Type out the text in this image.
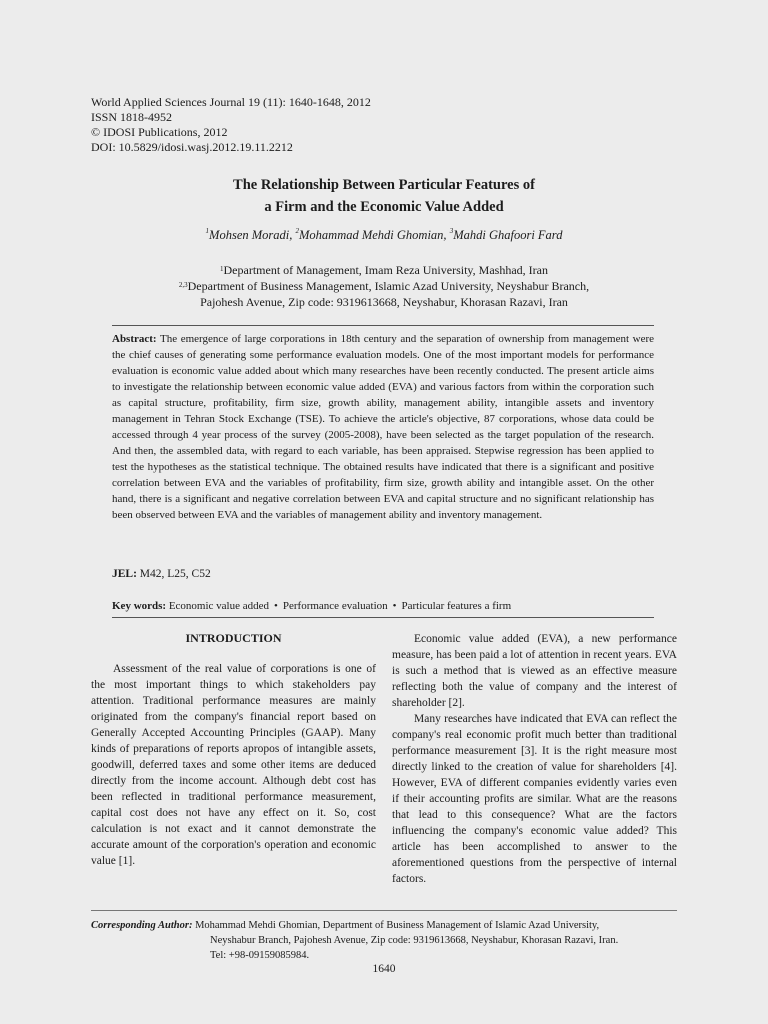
World Applied Sciences Journal 19 (11): 1640-1648, 2012
ISSN 1818-4952
© IDOSI Publications, 2012
DOI: 10.5829/idosi.wasj.2012.19.11.2212
The Relationship Between Particular Features of
a Firm and the Economic Value Added
$^1$Mohsen Moradi, $^2$Mohammad Mehdi Ghomian, $^3$Mahdi Ghafoori Fard
$^1$Department of Management, Imam Reza University, Mashhad, Iran
$^{2,3}$Department of Business Management, Islamic Azad University, Neyshabur Branch,
Pajohesh Avenue, Zip code: 9319613668, Neyshabur, Khorasan Razavi, Iran
Abstract: The emergence of large corporations in 18th century and the separation of ownership from management were the chief causes of generating some performance evaluation models. One of the most important models for performance evaluation is economic value added about which many researches have been recently conducted. The present article aims to investigate the relationship between economic value added (EVA) and various factors from within the corporation such as capital structure, profitability, firm size, growth ability, management ability, intangible assets and inventory management in Tehran Stock Exchange (TSE). To achieve the article's objective, 87 corporations, whose data could be accessed through 4 year process of the survey (2005-2008), have been selected as the target population of the research. And then, the assembled data, with regard to each variable, has been appraised. Stepwise regression has been applied to test the hypotheses as the statistical technique. The obtained results have indicated that there is a significant and positive correlation between EVA and the variables of profitability, firm size, growth ability and intangible asset. On the other hand, there is a significant and negative correlation between EVA and capital structure and no significant relationship has been observed between EVA and the variables of management ability and inventory management.
JEL: M42, L25, C52
Key words: Economic value added • Performance evaluation • Particular features a firm
INTRODUCTION

Assessment of the real value of corporations is one of the most important things to which stakeholders pay attention. Traditional performance measures are mainly originated from the company's financial report based on Generally Accepted Accounting Principles (GAAP). Many kinds of preparations of reports apropos of intangible assets, goodwill, deferred taxes and some other items are deduced directly from the income account. Although debt cost has been reflected in traditional performance measurement, capital cost does not have any effect on it. So, cost calculation is not exact and it cannot demonstrate the accurate amount of the corporation's operation and economic value [1].

Economic value added (EVA), a new performance measure, has been paid a lot of attention in recent years. EVA is such a method that is viewed as an effective measure reflecting both the value of company and the interest of shareholder [2].

Many researches have indicated that EVA can reflect the company's real economic profit much better than traditional performance measurement [3]. It is the right measure most directly linked to the creation of value for shareholders [4]. However, EVA of different companies evidently varies even if their accounting profits are similar. What are the reasons that lead to this consequence? What are the factors influencing the company's economic value added? This article has been accomplished to answer to the aforementioned questions from the perspective of internal factors.

Corresponding Author: Mohammad Mehdi Ghomian, Department of Business Management of Islamic Azad University,
Neyshabur Branch, Pajohesh Avenue, Zip code: 9319613668, Neyshabur, Khorasan Razavi, Iran.
Tel: +98-09159085984.
1640
